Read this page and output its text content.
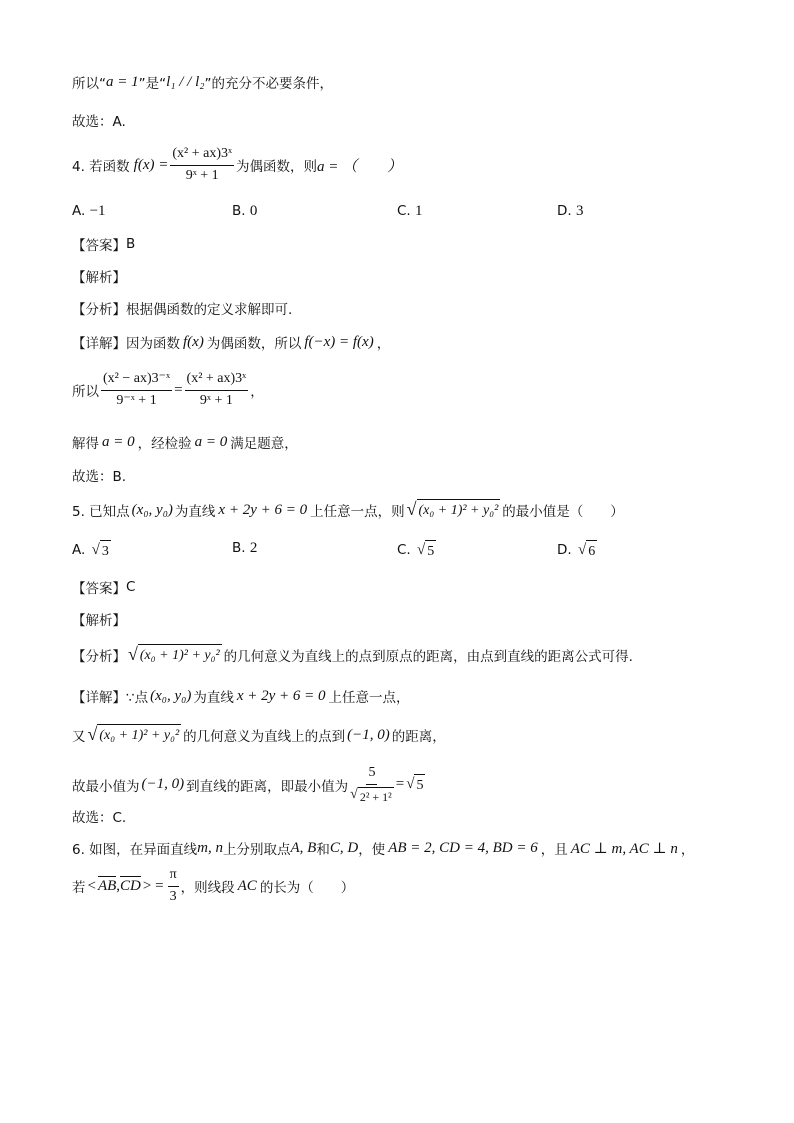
所以“ a = 1 ”是“ l₁ / / l₂ ”的充分不必要条件，
故选：A.
4. 若函数 $f(x) = \frac{\text{(x² + ax)3ˣ}}{\text{9ˣ + 1}}$ 为偶函数，则 a = （　　）
A. −1	B. 0	C. 1	D. 3
【答案】 B
【解析】
【分析】 根据偶函数的定义求解即可.
【详解】 因为函数 f(x) 为偶函数，所以 f(−x) = f(x) ，
所以 $\frac{\text{(x² − ax)3⁻ˣ}}{\text{9⁻ˣ + 1}} = \frac{\text{(x² + ax)3ˣ}}{\text{9ˣ + 1}}$ ，
解得 a = 0 ，经检验 a = 0 满足题意，
故选：B.
5. 已知点 (x₀, y₀) 为直线 x + 2y + 6 = 0 上任意一点，则 √ (x₀ + 1)² + y₀² 的最小值是（　　）
A. √ 3	B. 2	C. √ 5	D. √ 6
【答案】 C
【解析】
【分析】 √ (x₀ + 1)² + y₀² 的几何意义为直线上的点到原点的距离，由点到直线的距离公式可得.
【详解】 ∵点 (x₀, y₀) 为直线 x + 2y + 6 = 0 上任意一点，
又 √ (x₀ + 1)² + y₀² 的几何意义为直线上的点到 (−1, 0) 的距离，
故最小值为 (−1, 0) 到直线的距离，即最小值为 $\frac{5}{\text{√ 2² + 1²}}$ = √ 5
故选：C.
6. 如图，在异面直线 m, n 上分别取点 A, B 和 C, D ，使 AB = 2, CD = 4, BD = 6 ，且 AC ⊥ m, AC ⊥ n ，
若 < AB , CD > = $\frac{\pi}{3}$ ，则线段 AC 的长为（　　）
